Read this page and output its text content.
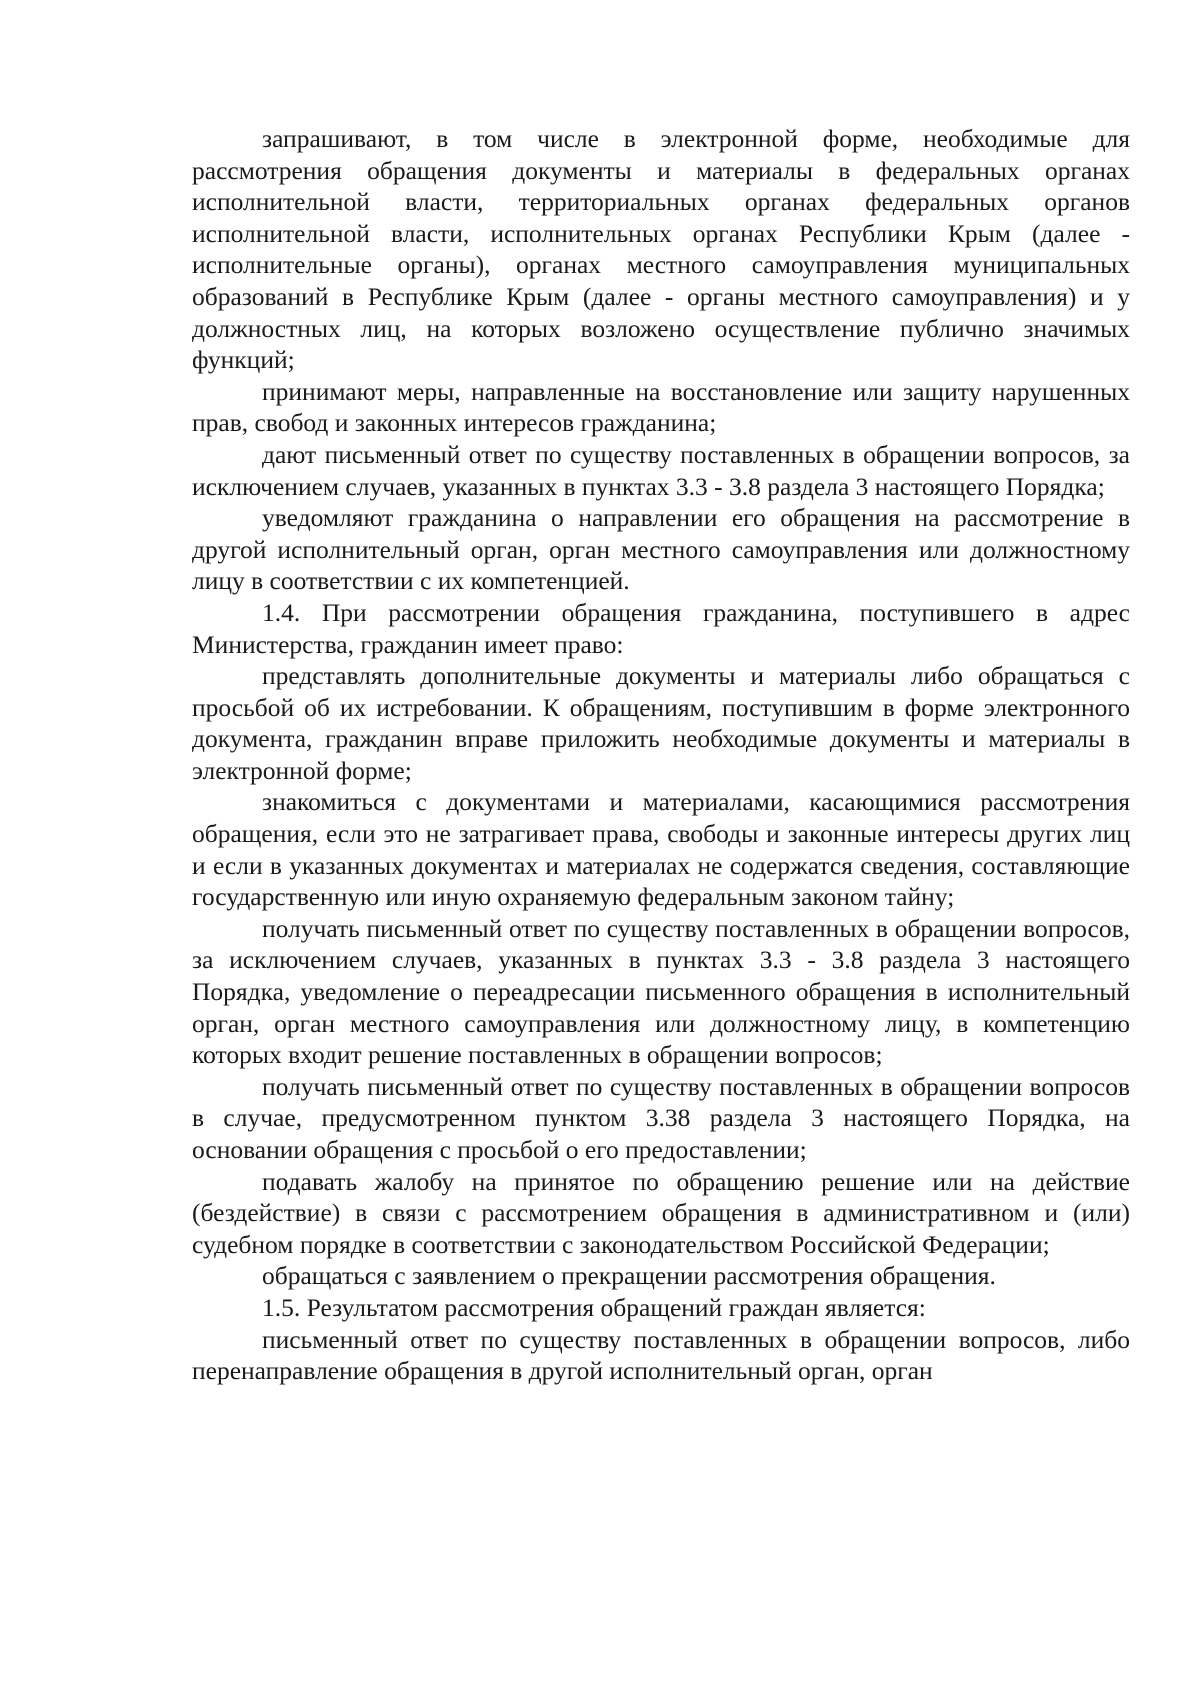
запрашивают, в том числе в электронной форме, необходимые для рассмотрения обращения документы и материалы в федеральных органах исполнительной власти, территориальных органах федеральных органов исполнительной власти, исполнительных органах Республики Крым (далее - исполнительные органы), органах местного самоуправления муниципальных образований в Республике Крым (далее - органы местного самоуправления) и у должностных лиц, на которых возложено осуществление публично значимых функций;

принимают меры, направленные на восстановление или защиту нарушенных прав, свобод и законных интересов гражданина;

дают письменный ответ по существу поставленных в обращении вопросов, за исключением случаев, указанных в пунктах 3.3 - 3.8 раздела 3 настоящего Порядка;

уведомляют гражданина о направлении его обращения на рассмотрение в другой исполнительный орган, орган местного самоуправления или должностному лицу в соответствии с их компетенцией.

1.4. При рассмотрении обращения гражданина, поступившего в адрес Министерства, гражданин имеет право:

представлять дополнительные документы и материалы либо обращаться с просьбой об их истребовании. К обращениям, поступившим в форме электронного документа, гражданин вправе приложить необходимые документы и материалы в электронной форме;

знакомиться с документами и материалами, касающимися рассмотрения обращения, если это не затрагивает права, свободы и законные интересы других лиц и если в указанных документах и материалах не содержатся сведения, составляющие государственную или иную охраняемую федеральным законом тайну;

получать письменный ответ по существу поставленных в обращении вопросов, за исключением случаев, указанных в пунктах 3.3 - 3.8 раздела 3 настоящего Порядка, уведомление о переадресации письменного обращения в исполнительный орган, орган местного самоуправления или должностному лицу, в компетенцию которых входит решение поставленных в обращении вопросов;

получать письменный ответ по существу поставленных в обращении вопросов в случае, предусмотренном пунктом 3.38 раздела 3 настоящего Порядка, на основании обращения с просьбой о его предоставлении;

подавать жалобу на принятое по обращению решение или на действие (бездействие) в связи с рассмотрением обращения в административном и (или) судебном порядке в соответствии с законодательством Российской Федерации;

обращаться с заявлением о прекращении рассмотрения обращения.

1.5. Результатом рассмотрения обращений граждан является:

письменный ответ по существу поставленных в обращении вопросов, либо перенаправление обращения в другой исполнительный орган, орган
